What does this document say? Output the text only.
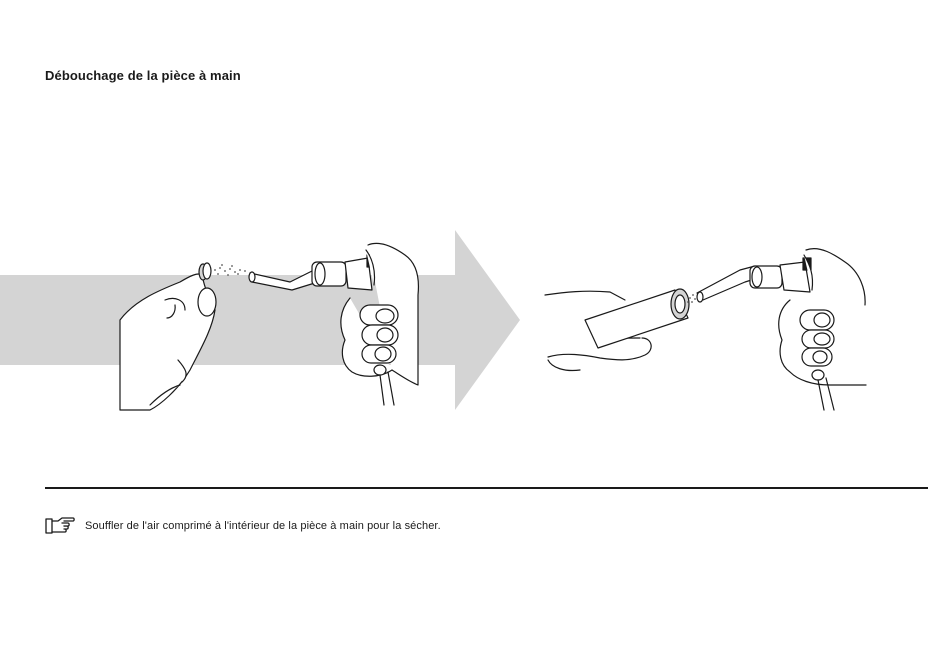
Débouchage de la pièce à main
Souffler de l'air comprimé à l'intérieur de la pièce à main pour la sécher.
